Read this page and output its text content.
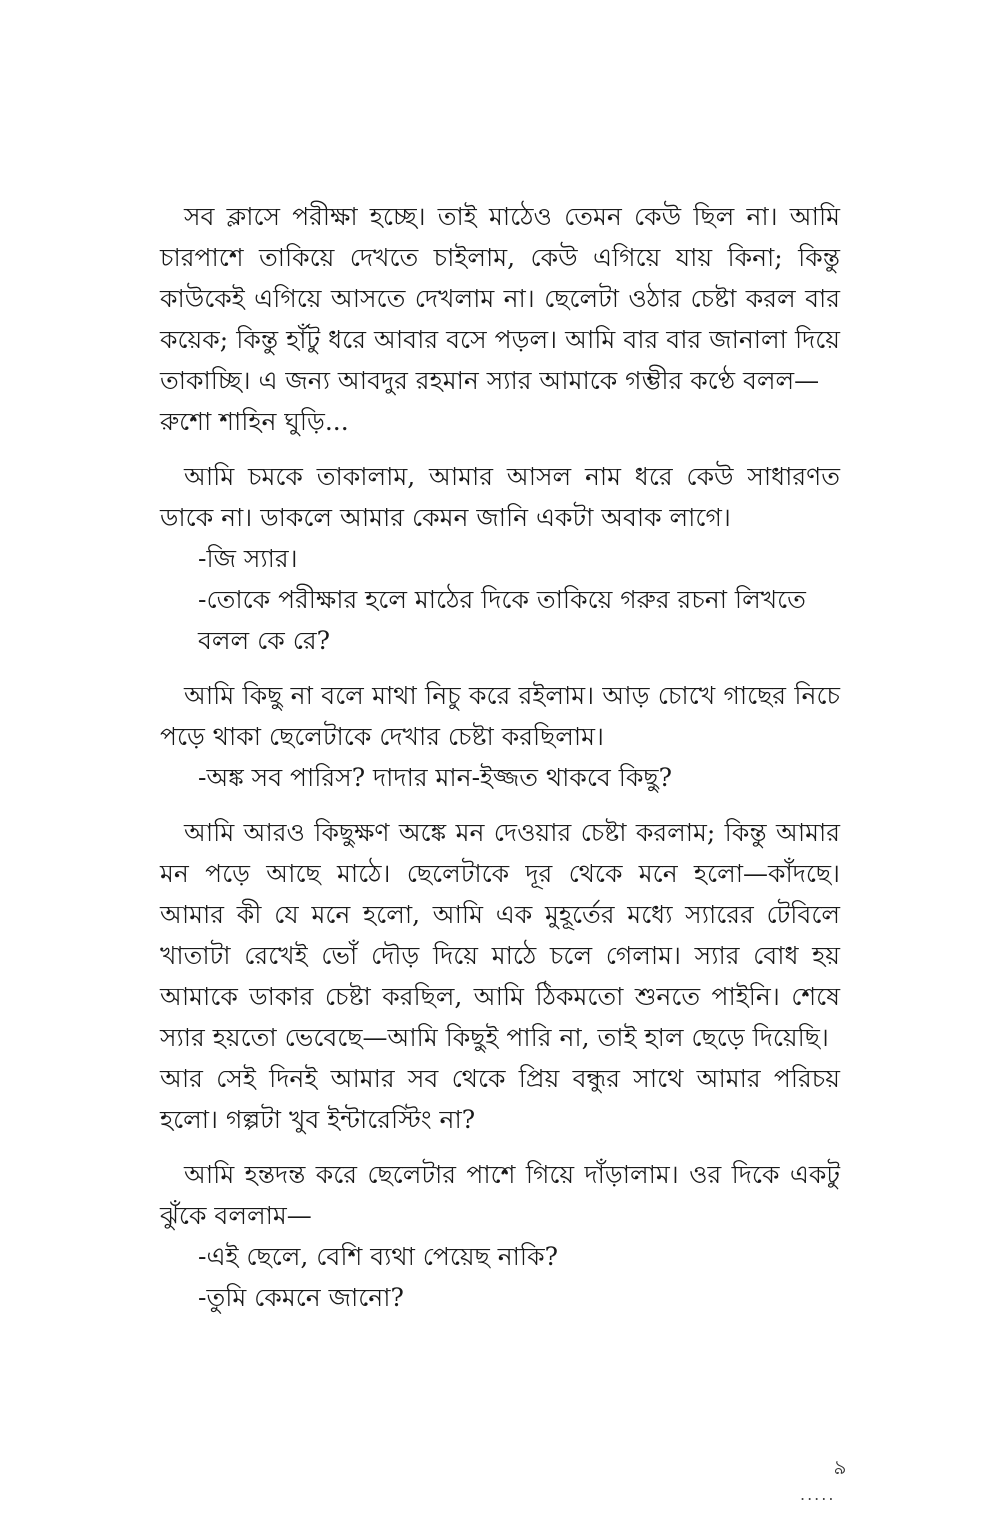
সব ক্লাসে পরীক্ষা হচ্ছে। তাই মাঠেও তেমন কেউ ছিল না। আমি চারপাশে তাকিয়ে দেখতে চাইলাম, কেউ এগিয়ে যায় কিনা; কিন্তু কাউকেই এগিয়ে আসতে দেখলাম না। ছেলেটা ওঠার চেষ্টা করল বার কয়েক; কিন্তু হাঁটু ধরে আবার বসে পড়ল। আমি বার বার জানালা দিয়ে তাকাচ্ছি। এ জন্য আবদুর রহমান স্যার আমাকে গম্ভীর কণ্ঠে বলল—

রুশো শাহিন ঘুড়ি...

আমি চমকে তাকালাম, আমার আসল নাম ধরে কেউ সাধারণত ডাকে না। ডাকলে আমার কেমন জানি একটা অবাক লাগে।

-জি স্যার।

-তোকে পরীক্ষার হলে মাঠের দিকে তাকিয়ে গরুর রচনা লিখতে বলল কে রে?

আমি কিছু না বলে মাথা নিচু করে রইলাম। আড় চোখে গাছের নিচে পড়ে থাকা ছেলেটাকে দেখার চেষ্টা করছিলাম।

-অঙ্ক সব পারিস? দাদার মান-ইজ্জত থাকবে কিছু?

আমি আরও কিছুক্ষণ অঙ্কে মন দেওয়ার চেষ্টা করলাম; কিন্তু আমার মন পড়ে আছে মাঠে। ছেলেটাকে দূর থেকে মনে হলো—কাঁদছে। আমার কী যে মনে হলো, আমি এক মুহূর্তের মধ্যে স্যারের টেবিলে খাতাটা রেখেই ভোঁ দৌড় দিয়ে মাঠে চলে গেলাম। স্যার বোধ হয় আমাকে ডাকার চেষ্টা করছিল, আমি ঠিকমতো শুনতে পাইনি। শেষে স্যার হয়তো ভেবেছে—আমি কিছুই পারি না, তাই হাল ছেড়ে দিয়েছি।

আর সেই দিনই আমার সব থেকে প্রিয় বন্ধুর সাথে আমার পরিচয় হলো। গল্পটা খুব ইন্টারেস্টিং না?

আমি হন্তদন্ত করে ছেলেটার পাশে গিয়ে দাঁড়ালাম। ওর দিকে একটু ঝুঁকে বললাম—

-এই ছেলে, বেশি ব্যথা পেয়েছ নাকি?

-তুমি কেমনে জানো?

৯
.....
